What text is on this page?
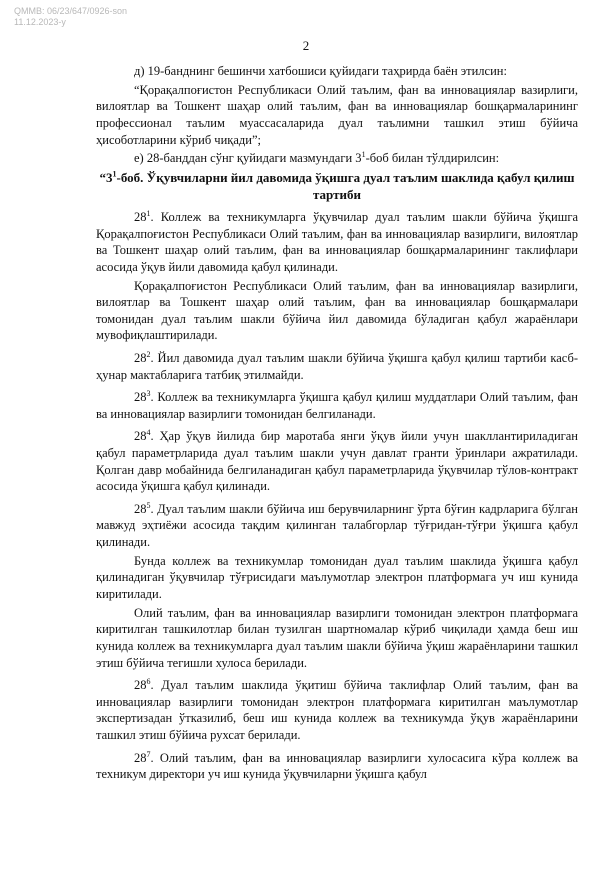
QMMB: 06/23/647/0926-son
11.12.2023-y
2

д) 19-банднинг бешинчи хатбошиси қуйидаги таҳрирда баён этилсин:

“Қорақалпоғистон Республикаси Олий таълим, фан ва инновациялар вазирлиги, вилоятлар ва Тошкент шаҳар олий таълим, фан ва инновациялар бошқармаларининг профессионал таълим муассасаларида дуал таълимни ташкил этиш бўйича ҳисоботларини кўриб чиқади”;

е) 28-банддан сўнг қуйидаги мазмундаги $3^1$-боб билан тўлдирилсин:

“$3^1$-боб. Ўқувчиларни йил давомида ўқишга дуал таълим шаклида қабул қилиш тартиби

$28^1$. Коллеж ва техникумларга ўқувчилар дуал таълим шакли бўйича ўқишга Қорақалпоғистон Республикаси Олий таълим, фан ва инновациялар вазирлиги, вилоятлар ва Тошкент шаҳар олий таълим, фан ва инновациялар бошқармаларининг таклифлари асосида ўқув йили давомида қабул қилинади.

Қорақалпоғистон Республикаси Олий таълим, фан ва инновациялар вазирлиги, вилоятлар ва Тошкент шаҳар олий таълим, фан ва инновациялар бошқармалари томонидан дуал таълим шакли бўйича йил давомида бўладиган қабул жараёнлари мувофиқлаштирилади.

$28^2$. Йил давомида дуал таълим шакли бўйича ўқишга қабул қилиш тартиби касб-ҳунар мактабларига татбиқ этилмайди.

$28^3$. Коллеж ва техникумларга ўқишга қабул қилиш муддатлари Олий таълим, фан ва инновациялар вазирлиги томонидан белгиланади.

$28^4$. Ҳар ўқув йилида бир маротаба янги ўқув йили учун шакллантириладиган қабул параметрларида дуал таълим шакли учун давлат гранти ўринлари ажратилади. Қолган давр мобайнида белгиланадиган қабул параметрларида ўқувчилар тўлов-контракт асосида ўқишга қабул қилинади.

$28^5$. Дуал таълим шакли бўйича иш берувчиларнинг ўрта бўғин кадрларига бўлган мавжуд эҳтиёжи асосида тақдим қилинган талабгорлар тўғридан-тўғри ўқишга қабул қилинади.

Бунда коллеж ва техникумлар томонидан дуал таълим шаклида ўқишга қабул қилинадиган ўқувчилар тўғрисидаги маълумотлар электрон платформага уч иш кунида киритилади.

Олий таълим, фан ва инновациялар вазирлиги томонидан электрон платформага киритилган ташкилотлар билан тузилган шартномалар кўриб чиқилади ҳамда беш иш кунида коллеж ва техникумларга дуал таълим шакли бўйича ўқиш жараёнларини ташкил этиш бўйича тегишли хулоса берилади.

$28^6$. Дуал таълим шаклида ўқитиш бўйича таклифлар Олий таълим, фан ва инновациялар вазирлиги томонидан электрон платформага киритилган маълумотлар экспертизадан ўтказилиб, беш иш кунида коллеж ва техникумда ўқув жараёнларини ташкил этиш бўйича рухсат берилади.

$28^7$. Олий таълим, фан ва инновациялар вазирлиги хулосасига кўра коллеж ва техникум директори уч иш кунида ўқувчиларни ўқишга қабул
